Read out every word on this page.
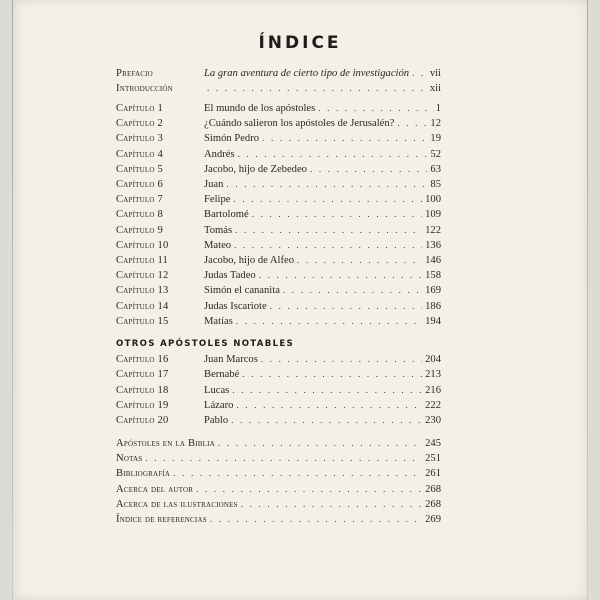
ÍNDICE
Prefacio	La gran aventura de cierto tipo de investigación . . . vii
Introducción . . .	xii
Capítulo 1	El mundo de los apóstoles . . .	1
Capítulo 2	¿Cuándo salieron los apóstoles de Jerusalén? . . .	12
Capítulo 3	Simón Pedro . . .	19
Capítulo 4	Andrés . . .	52
Capítulo 5	Jacobo, hijo de Zebedeo . . .	63
Capítulo 6	Juan . . .	85
Capítulo 7	Felipe . . .	100
Capítulo 8	Bartolomé . . .	109
Capítulo 9	Tomás . . .	122
Capítulo 10	Mateo . . .	136
Capítulo 11	Jacobo, hijo de Alfeo . . .	146
Capítulo 12	Judas Tadeo . . .	158
Capítulo 13	Simón el cananita . . .	169
Capítulo 14	Judas Iscariote . . .	186
Capítulo 15	Matías . . .	194
Capítulo 16	Juan Marcos . . .	204
Capítulo 17	Bernabé . . .	213
Capítulo 18	Lucas . . .	216
Capítulo 19	Lázaro . . .	222
Capítulo 20	Pablo . . .	230
Apóstoles en la Biblia . . .	245
Notas . . .	251
Bibliografía . . .	261
Acerca del autor . . .	268
Acerca de las ilustraciones . . .	268
Índice de referencias . . .	269
OTROS APÓSTOLES NOTABLES
